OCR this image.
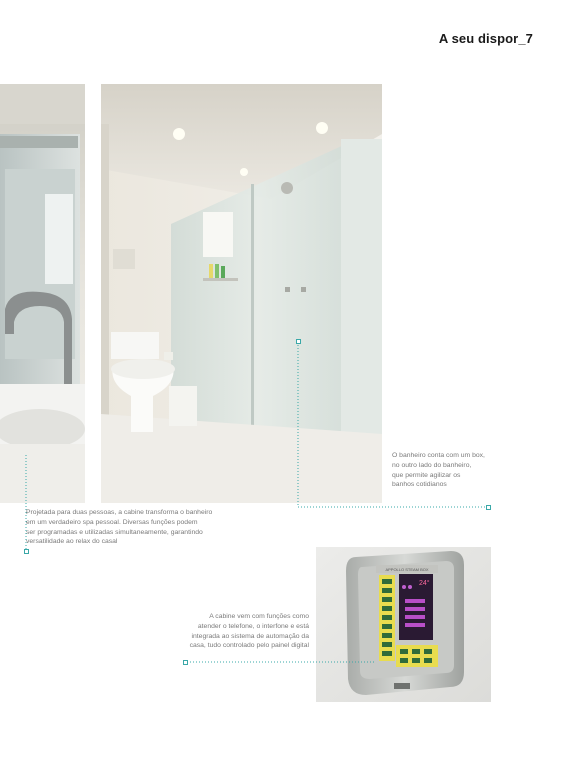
A seu dispor_7
APPOLLO STEAM BOX
24°
O banheiro conta com um box,
no outro lado do banheiro,
que permite agilizar os
banhos cotidianos
Projetada para duas pessoas, a cabine transforma o banheiro
em um verdadeiro spa pessoal. Diversas funções podem
ser programadas e utilizadas simultaneamente, garantindo
versatilidade ao relax do casal
A cabine vem com funções como
atender o telefone, o interfone e está
integrada ao sistema de automação da
casa, tudo controlado pelo painel digital
